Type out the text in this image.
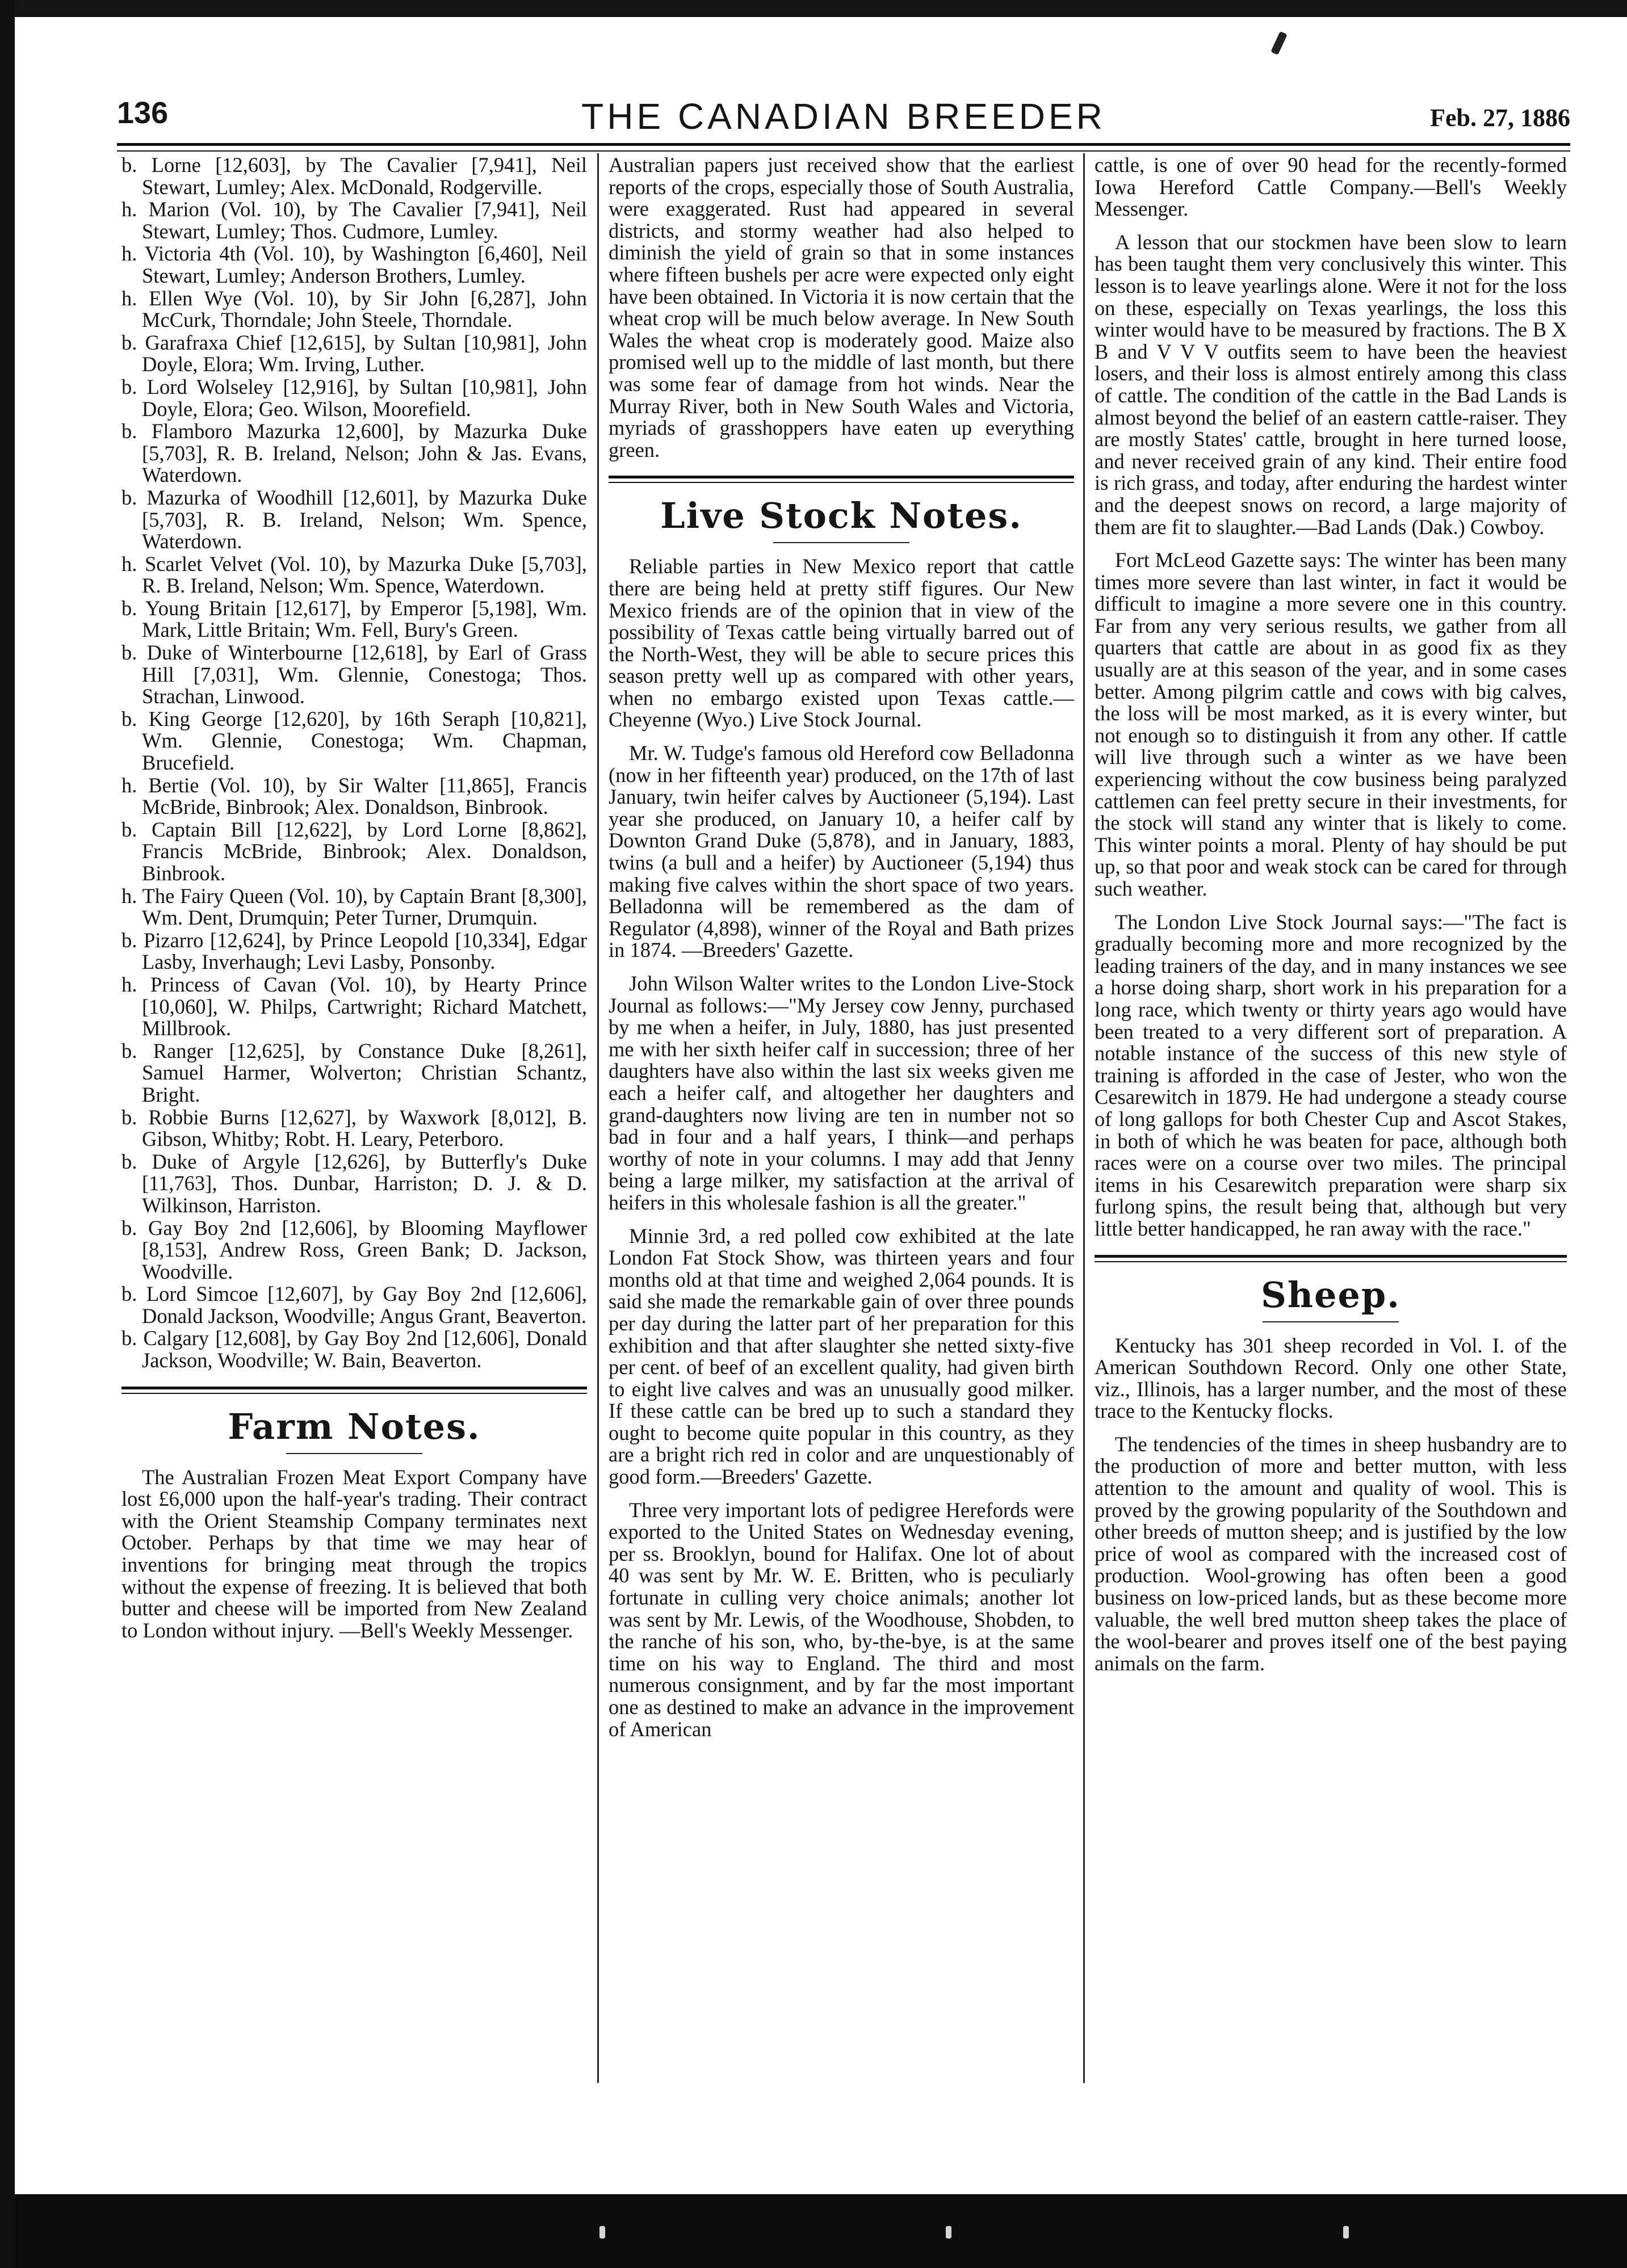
136	THE CANADIAN BREEDER	Feb. 27, 1886
b. Lorne [12,603], by The Cavalier [7,941], Neil Stewart, Lumley; Alex. McDonald, Rodgerville.
h. Marion (Vol. 10), by The Cavalier [7,941], Neil Stewart, Lumley; Thos. Cudmore, Lumley.
h. Victoria 4th (Vol. 10), by Washington [6,460], Neil Stewart, Lumley; Anderson Brothers, Lumley.
h. Ellen Wye (Vol. 10), by Sir John [6,287], John McCurk, Thorndale; John Steele, Thorndale.
b. Garafraxa Chief [12,615], by Sultan [10,981], John Doyle, Elora; Wm. Irving, Luther.
b. Lord Wolseley [12,916], by Sultan [10,981], John Doyle, Elora; Geo. Wilson, Moorefield.
b. Flamboro Mazurka 12,600], by Mazurka Duke [5,703], R. B. Ireland, Nelson; John & Jas. Evans, Waterdown.
b. Mazurka of Woodhill [12,601], by Mazurka Duke [5,703], R. B. Ireland, Nelson; Wm. Spence, Waterdown.
h. Scarlet Velvet (Vol. 10), by Mazurka Duke [5,703], R. B. Ireland, Nelson; Wm. Spence, Waterdown.
b. Young Britain [12,617], by Emperor [5,198], Wm. Mark, Little Britain; Wm. Fell, Bury's Green.
b. Duke of Winterbourne [12,618], by Earl of Grass Hill [7,031], Wm. Glennie, Conestoga; Thos. Strachan, Linwood.
b. King George [12,620], by 16th Seraph [10,821], Wm. Glennie, Conestoga; Wm. Chapman, Brucefield.
h. Bertie (Vol. 10), by Sir Walter [11,865], Francis McBride, Binbrook; Alex. Donaldson, Binbrook.
b. Captain Bill [12,622], by Lord Lorne [8,862], Francis McBride, Binbrook; Alex. Donaldson, Binbrook.
h. The Fairy Queen (Vol. 10), by Captain Brant [8,300], Wm. Dent, Drumquin; Peter Turner, Drumquin.
b. Pizarro [12,624], by Prince Leopold [10,334], Edgar Lasby, Inverhaugh; Levi Lasby, Ponsonby.
h. Princess of Cavan (Vol. 10), by Hearty Prince [10,060], W. Philps, Cartwright; Richard Matchett, Millbrook.
b. Ranger [12,625], by Constance Duke [8,261], Samuel Harmer, Wolverton; Christian Schantz, Bright.
b. Robbie Burns [12,627], by Waxwork [8,012], B. Gibson, Whitby; Robt. H. Leary, Peterboro.
b. Duke of Argyle [12,626], by Butterfly's Duke [11,763], Thos. Dunbar, Harriston; D. J. & D. Wilkinson, Harriston.
b. Gay Boy 2nd [12,606], by Blooming Mayflower [8,153], Andrew Ross, Green Bank; D. Jackson, Woodville.
b. Lord Simcoe [12,607], by Gay Boy 2nd [12,606], Donald Jackson, Woodville; Angus Grant, Beaverton.
b. Calgary [12,608], by Gay Boy 2nd [12,606], Donald Jackson, Woodville; W. Bain, Beaverton.
Farm Notes.

The Australian Frozen Meat Export Company have lost £6,000 upon the half-year's trading. Their contract with the Orient Steamship Company terminates next October. Perhaps by that time we may hear of inventions for bringing meat through the tropics without the expense of freezing. It is believed that both butter and cheese will be imported from New Zealand to London without injury. —Bell's Weekly Messenger.

Australian papers just received show that the earliest reports of the crops, especially those of South Australia, were exaggerated. Rust had appeared in several districts, and stormy weather had also helped to diminish the yield of grain so that in some instances where fifteen bushels per acre were expected only eight have been obtained. In Victoria it is now certain that the wheat crop will be much below average. In New South Wales the wheat crop is moderately good. Maize also promised well up to the middle of last month, but there was some fear of damage from hot winds. Near the Murray River, both in New South Wales and Victoria, myriads of grasshoppers have eaten up everything green.

Live Stock Notes.

Reliable parties in New Mexico report that cattle there are being held at pretty stiff figures. Our New Mexico friends are of the opinion that in view of the possibility of Texas cattle being virtually barred out of the North-West, they will be able to secure prices this season pretty well up as compared with other years, when no embargo existed upon Texas cattle.—Cheyenne (Wyo.) Live Stock Journal.

Mr. W. Tudge's famous old Hereford cow Belladonna (now in her fifteenth year) produced, on the 17th of last January, twin heifer calves by Auctioneer (5,194). Last year she produced, on January 10, a heifer calf by Downton Grand Duke (5,878), and in January, 1883, twins (a bull and a heifer) by Auctioneer (5,194) thus making five calves within the short space of two years. Belladonna will be remembered as the dam of Regulator (4,898), winner of the Royal and Bath prizes in 1874. —Breeders' Gazette.

John Wilson Walter writes to the London Live-Stock Journal as follows:—"My Jersey cow Jenny, purchased by me when a heifer, in July, 1880, has just presented me with her sixth heifer calf in succession; three of her daughters have also within the last six weeks given me each a heifer calf, and altogether her daughters and grand-daughters now living are ten in number not so bad in four and a half years, I think—and perhaps worthy of note in your columns. I may add that Jenny being a large milker, my satisfaction at the arrival of heifers in this wholesale fashion is all the greater."

Minnie 3rd, a red polled cow exhibited at the late London Fat Stock Show, was thirteen years and four months old at that time and weighed 2,064 pounds. It is said she made the remarkable gain of over three pounds per day during the latter part of her preparation for this exhibition and that after slaughter she netted sixty-five per cent. of beef of an excellent quality, had given birth to eight live calves and was an unusually good milker. If these cattle can be bred up to such a standard they ought to become quite popular in this country, as they are a bright rich red in color and are unquestionably of good form.—Breeders' Gazette.

Three very important lots of pedigree Herefords were exported to the United States on Wednesday evening, per ss. Brooklyn, bound for Halifax. One lot of about 40 was sent by Mr. W. E. Britten, who is peculiarly fortunate in culling very choice animals; another lot was sent by Mr. Lewis, of the Woodhouse, Shobden, to the ranche of his son, who, by-the-bye, is at the same time on his way to England. The third and most numerous consignment, and by far the most important one as destined to make an advance in the improvement of American

cattle, is one of over 90 head for the recently-formed Iowa Hereford Cattle Company.—Bell's Weekly Messenger.

A lesson that our stockmen have been slow to learn has been taught them very conclusively this winter. This lesson is to leave yearlings alone. Were it not for the loss on these, especially on Texas yearlings, the loss this winter would have to be measured by fractions. The B X B and V V V outfits seem to have been the heaviest losers, and their loss is almost entirely among this class of cattle. The condition of the cattle in the Bad Lands is almost beyond the belief of an eastern cattle-raiser. They are mostly States' cattle, brought in here turned loose, and never received grain of any kind. Their entire food is rich grass, and today, after enduring the hardest winter and the deepest snows on record, a large majority of them are fit to slaughter.—Bad Lands (Dak.) Cowboy.

Fort McLeod Gazette says: The winter has been many times more severe than last winter, in fact it would be difficult to imagine a more severe one in this country. Far from any very serious results, we gather from all quarters that cattle are about in as good fix as they usually are at this season of the year, and in some cases better. Among pilgrim cattle and cows with big calves, the loss will be most marked, as it is every winter, but not enough so to distinguish it from any other. If cattle will live through such a winter as we have been experiencing without the cow business being paralyzed cattlemen can feel pretty secure in their investments, for the stock will stand any winter that is likely to come. This winter points a moral. Plenty of hay should be put up, so that poor and weak stock can be cared for through such weather.

The London Live Stock Journal says:—"The fact is gradually becoming more and more recognized by the leading trainers of the day, and in many instances we see a horse doing sharp, short work in his preparation for a long race, which twenty or thirty years ago would have been treated to a very different sort of preparation. A notable instance of the success of this new style of training is afforded in the case of Jester, who won the Cesarewitch in 1879. He had undergone a steady course of long gallops for both Chester Cup and Ascot Stakes, in both of which he was beaten for pace, although both races were on a course over two miles. The principal items in his Cesarewitch preparation were sharp six furlong spins, the result being that, although but very little better handicapped, he ran away with the race."

Sheep.

Kentucky has 301 sheep recorded in Vol. I. of the American Southdown Record. Only one other State, viz., Illinois, has a larger number, and the most of these trace to the Kentucky flocks.

The tendencies of the times in sheep husbandry are to the production of more and better mutton, with less attention to the amount and quality of wool. This is proved by the growing popularity of the Southdown and other breeds of mutton sheep; and is justified by the low price of wool as compared with the increased cost of production. Wool-growing has often been a good business on low-priced lands, but as these become more valuable, the well bred mutton sheep takes the place of the wool-bearer and proves itself one of the best paying animals on the farm.
